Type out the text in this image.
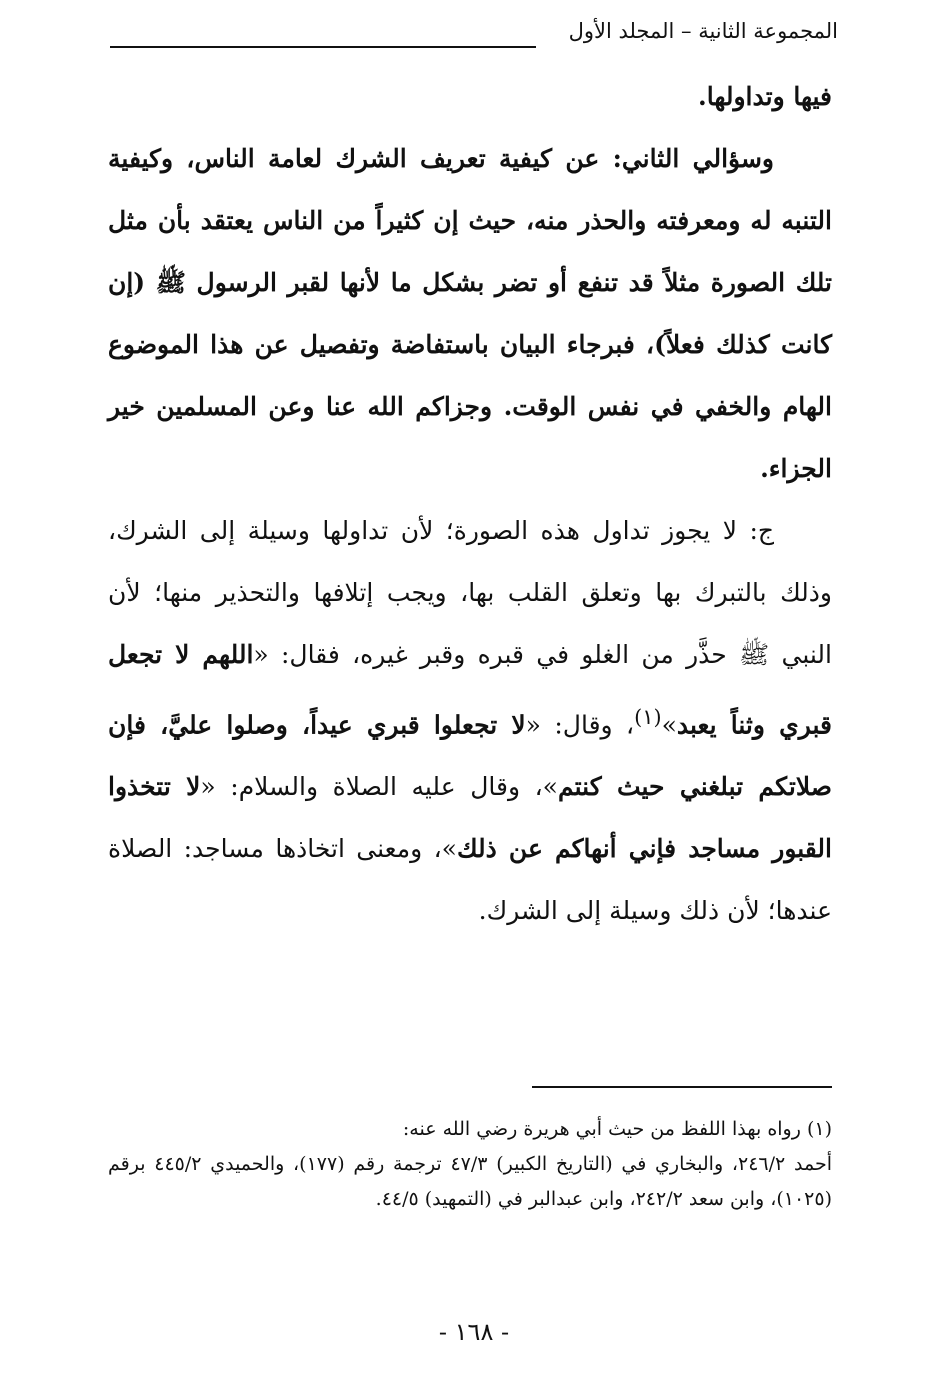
المجموعة الثانية – المجلد الأول

فيها وتداولها.

وسؤالي الثاني: عن كيفية تعريف الشرك لعامة الناس، وكيفية التنبه له ومعرفته والحذر منه، حيث إن كثيراً من الناس يعتقد بأن مثل تلك الصورة مثلاً قد تنفع أو تضر بشكل ما لأنها لقبر الرسول ﷺ (إن كانت كذلك فعلاً)، فبرجاء البيان باستفاضة وتفصيل عن هذا الموضوع الهام والخفي في نفس الوقت. وجزاكم الله عنا وعن المسلمين خير الجزاء.

ج: لا يجوز تداول هذه الصورة؛ لأن تداولها وسيلة إلى الشرك، وذلك بالتبرك بها وتعلق القلب بها، ويجب إتلافها والتحذير منها؛ لأن النبي ﷺ حذَّر من الغلو في قبره وقبر غيره، فقال: «اللهم لا تجعل قبري وثناً يعبد»$^{(١)}$، وقال: «لا تجعلوا قبري عيداً، وصلوا عليَّ، فإن صلاتكم تبلغني حيث كنتم»، وقال عليه الصلاة والسلام: «لا تتخذوا القبور مساجد فإني أنهاكم عن ذلك»، ومعنى اتخاذها مساجد: الصلاة عندها؛ لأن ذلك وسيلة إلى الشرك.

(١) رواه بهذا اللفظ من حيث أبي هريرة رضي الله عنه:

أحمد ٢٤٦/٢، والبخاري في (التاريخ الكبير) ٤٧/٣ ترجمة رقم (١٧٧)، والحميدي ٤٤٥/٢ برقم (١٠٢٥)، وابن سعد ٢٤٢/٢، وابن عبدالبر في (التمهيد) ٤٤/٥.

- ١٦٨ -
